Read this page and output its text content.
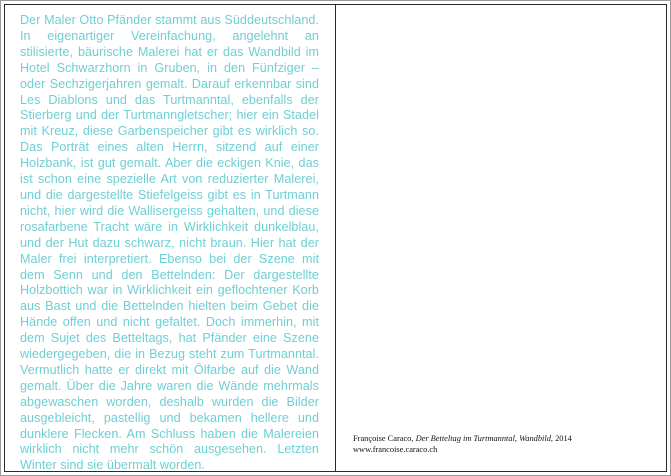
Der Maler Otto Pfänder stammt aus Süddeutschland. In eigenartiger Vereinfachung, angelehnt an stilisierte, bäurische Malerei hat er das Wandbild im Hotel Schwarzhorn in Gruben, in den Fünfziger – oder Sechzigerjahren gemalt. Darauf erkennbar sind Les Diablons und das Turtmanntal, ebenfalls der Stierberg und der Turtmanngletscher; hier ein Stadel mit Kreuz, diese Garbenspeicher gibt es wirklich so. Das Porträt eines alten Herrn, sitzend auf einer Holzbank, ist gut gemalt. Aber die eckigen Knie, das ist schon eine spezielle Art von reduzierter Malerei, und die dargestellte Stiefelgeiss gibt es in Turtmann nicht, hier wird die Wallisergeiss gehalten, und diese rosafarbene Tracht wäre in Wirklichkeit dunkelblau, und der Hut dazu schwarz, nicht braun. Hier hat der Maler frei interpretiert. Ebenso bei der Szene mit dem Senn und den Bettelnden: Der dargestellte Holzbottich war in Wirklichkeit ein geflochtener Korb aus Bast und die Bettelnden hielten beim Gebet die Hände offen und nicht gefaltet. Doch immerhin, mit dem Sujet des Betteltags, hat Pfänder eine Szene wiedergegeben, die in Bezug steht zum Turtmanntal. Vermutlich hatte er direkt mit Ölfarbe auf die Wand gemalt. Über die Jahre waren die Wände mehrmals abgewaschen worden, deshalb wurden die Bilder ausgebleicht, pastellig und bekamen hellere und dunklere Flecken. Am Schluss haben die Malereien wirklich nicht mehr schön ausgesehen. Letzten Winter sind sie übermalt worden.

Françoise Caraco, Der Betteltag im Turtmanntal, Wandbild, 2014
www.francoise.caraco.ch
